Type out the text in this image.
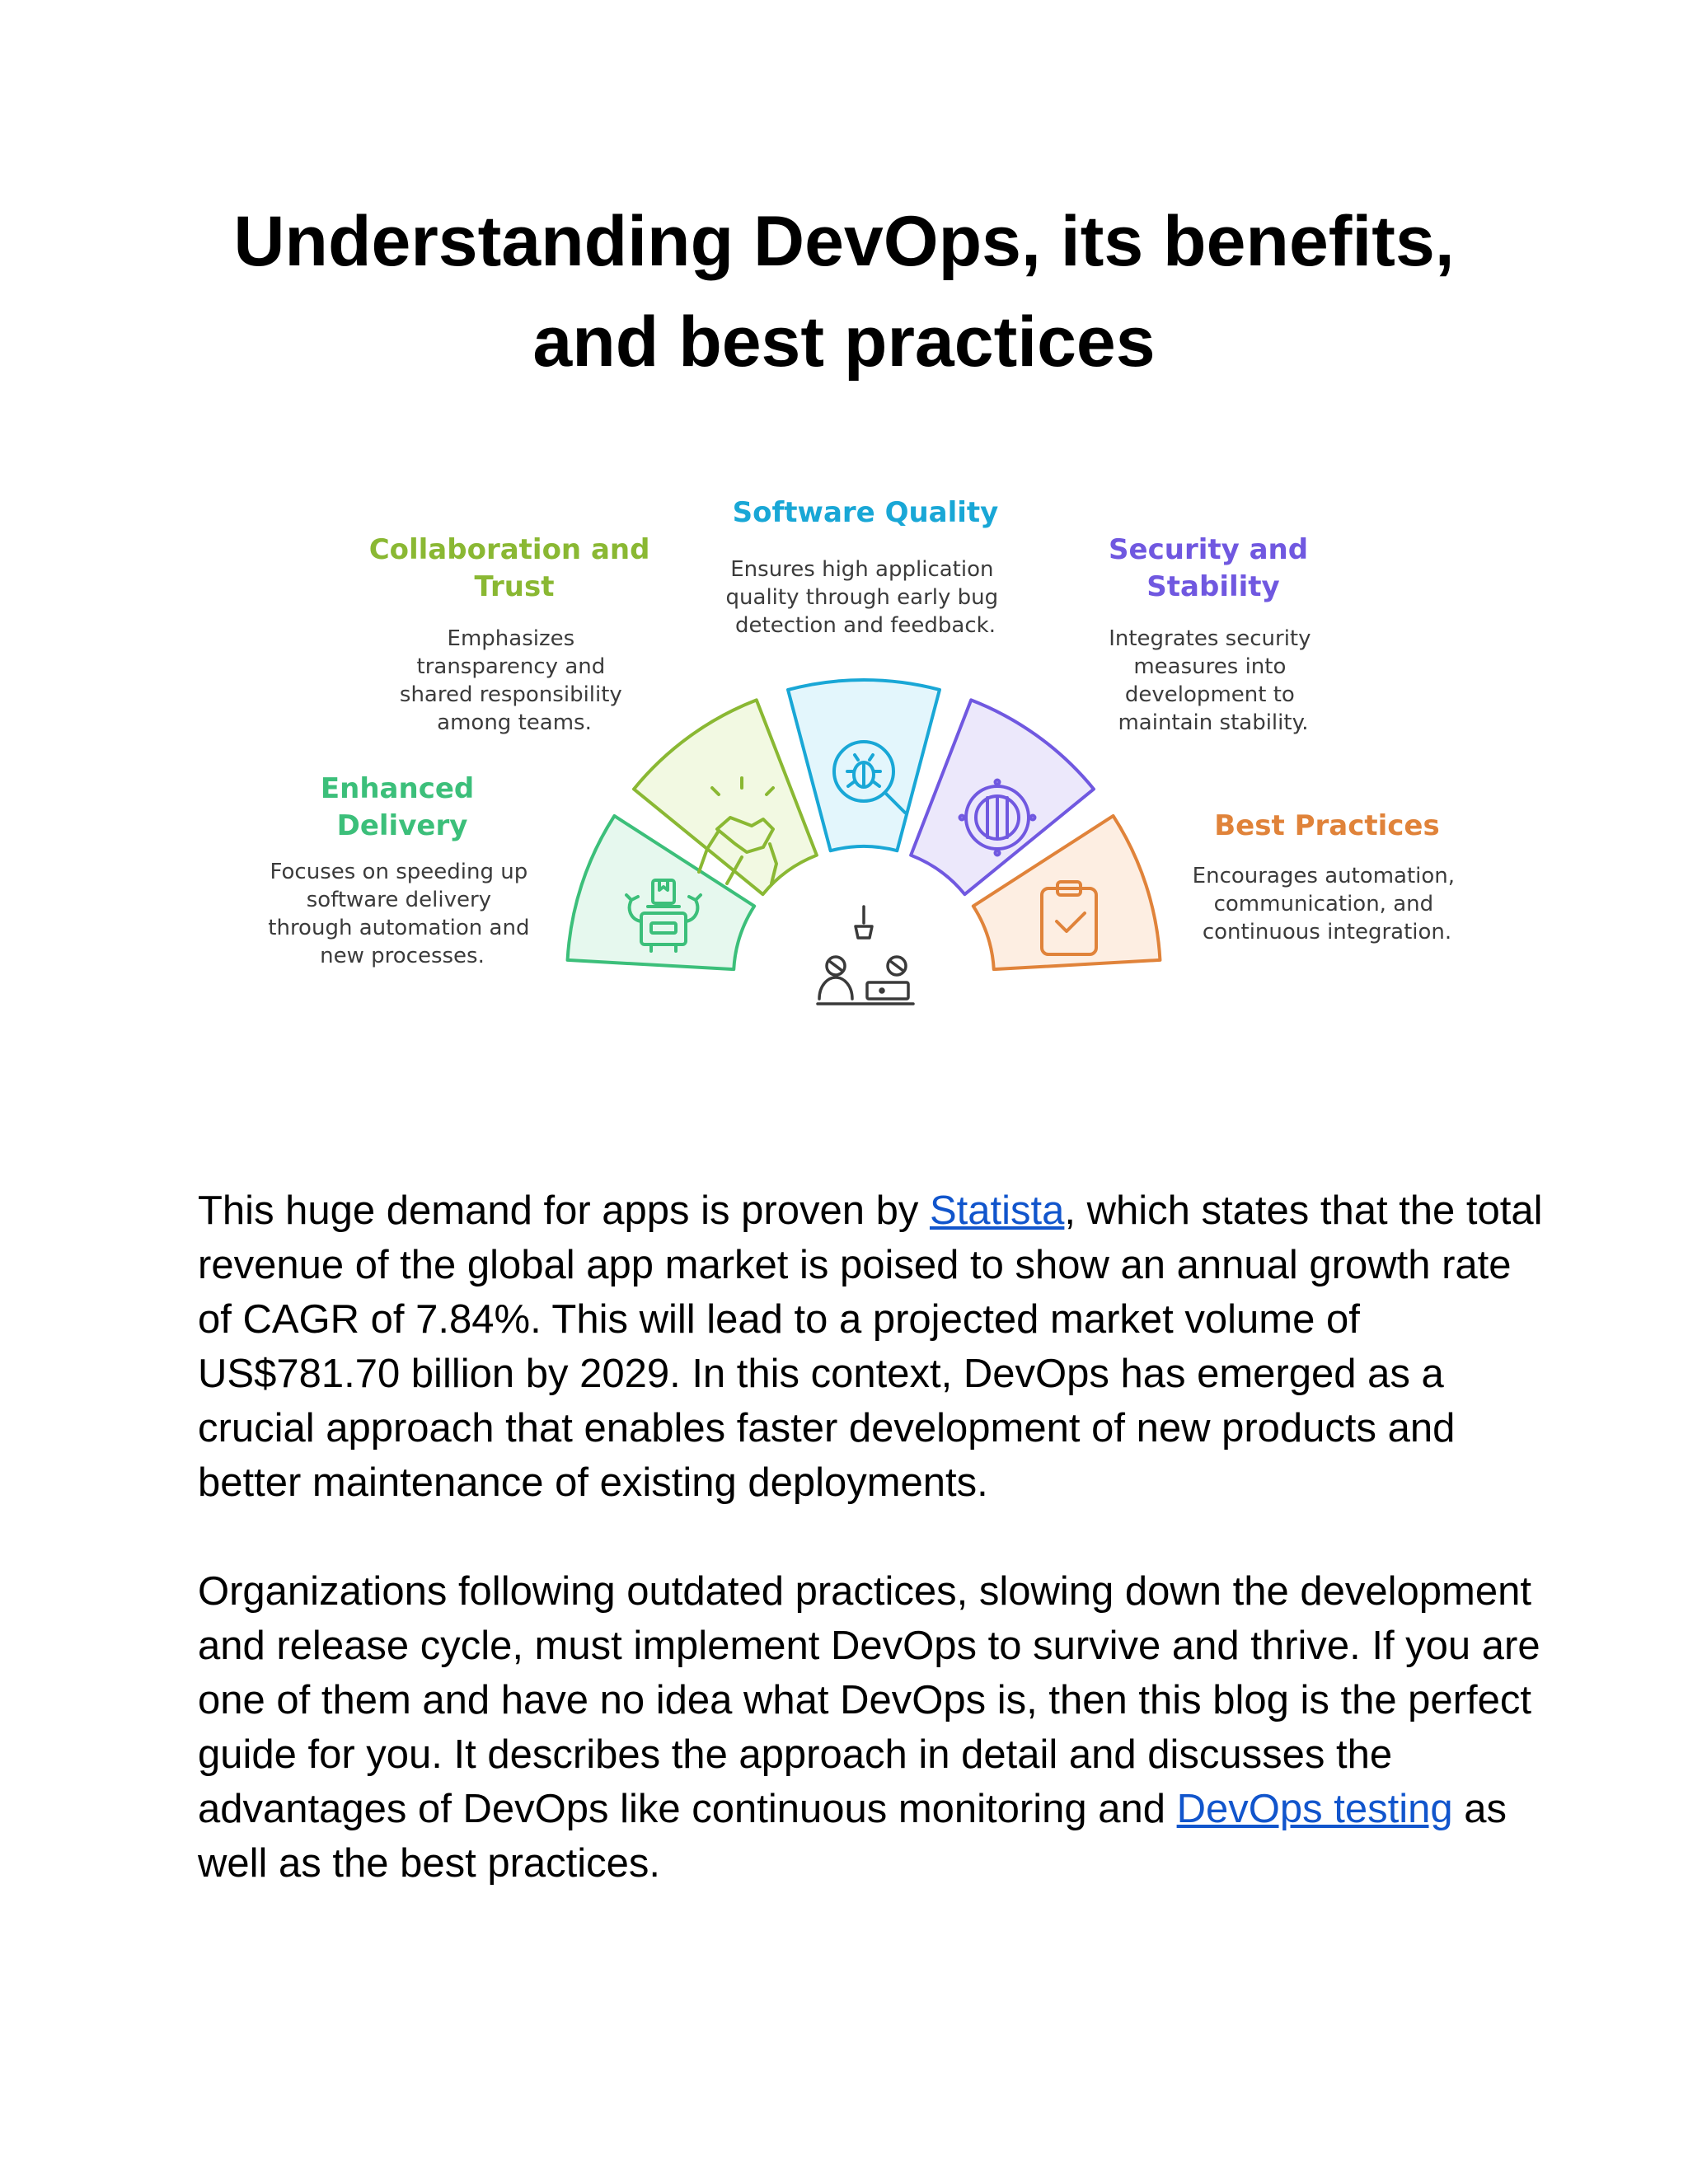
Understanding DevOps, its benefits,
and best practices
Enhanced Delivery
Focuses on speeding up software delivery through automation and new processes.
Collaboration and Trust
Emphasizes transparency and shared responsibility among teams.
Software Quality
Ensures high application quality through early bug detection and feedback.
Security and Stability
Integrates security measures into development to maintain stability.
Best Practices
Encourages automation, communication, and continuous integration.

This huge demand for apps is proven by Statista, which states that the total revenue of the global app market is poised to show an annual growth rate of CAGR of 7.84%. This will lead to a projected market volume of US$781.70 billion by 2029. In this context, DevOps has emerged as a crucial approach that enables faster development of new products and better maintenance of existing deployments.

Organizations following outdated practices, slowing down the development and release cycle, must implement DevOps to survive and thrive. If you are one of them and have no idea what DevOps is, then this blog is the perfect guide for you. It describes the approach in detail and discusses the advantages of DevOps like continuous monitoring and DevOps testing as well as the best practices.
